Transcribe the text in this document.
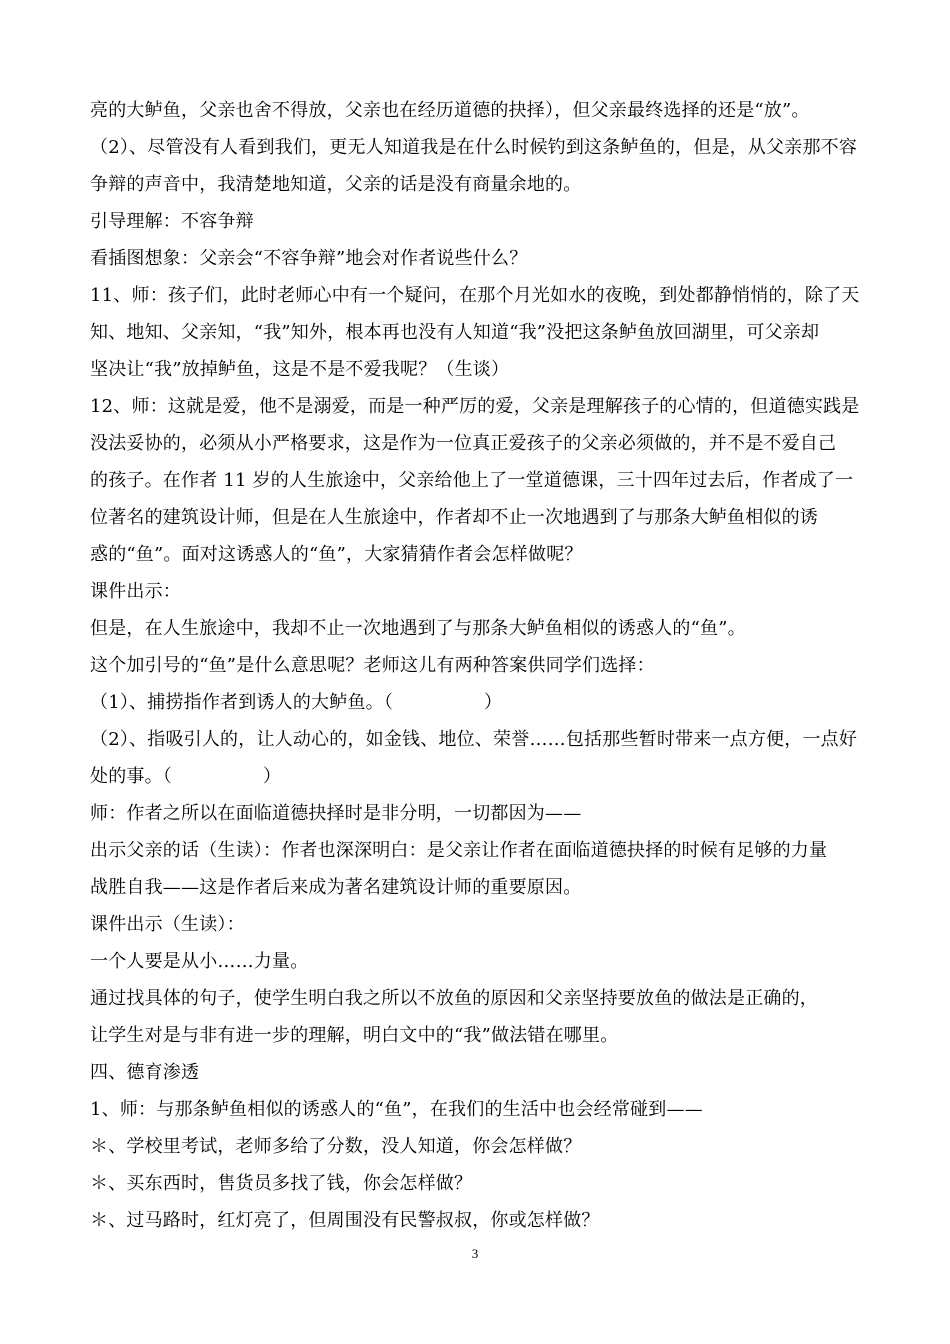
亮的大鲈鱼，父亲也舍不得放，父亲也在经历道德的抉择），但父亲最终选择的还是“放”。
（2）、尽管没有人看到我们，更无人知道我是在什么时候钓到这条鲈鱼的，但是，从父亲那不容
争辩的声音中，我清楚地知道，父亲的话是没有商量余地的。
引导理解：不容争辩
看插图想象：父亲会“不容争辩”地会对作者说些什么？
11、师：孩子们，此时老师心中有一个疑问，在那个月光如水的夜晚，到处都静悄悄的，除了天
知、地知、父亲知，“我”知外，根本再也没有人知道“我”没把这条鲈鱼放回湖里，可父亲却
坚决让“我”放掉鲈鱼，这是不是不爱我呢？（生谈）
12、师：这就是爱，他不是溺爱，而是一种严厉的爱，父亲是理解孩子的心情的，但道德实践是
没法妥协的，必须从小严格要求，这是作为一位真正爱孩子的父亲必须做的，并不是不爱自己
的孩子。在作者 11 岁的人生旅途中，父亲给他上了一堂道德课，三十四年过去后，作者成了一
位著名的建筑设计师，但是在人生旅途中，作者却不止一次地遇到了与那条大鲈鱼相似的诱
惑的“鱼”。面对这诱惑人的“鱼”，大家猜猜作者会怎样做呢？
课件出示：
但是，在人生旅途中，我却不止一次地遇到了与那条大鲈鱼相似的诱惑人的“鱼”。
这个加引号的“鱼”是什么意思呢？老师这儿有两种答案供同学们选择：
（1）、捕捞指作者到诱人的大鲈鱼。（　　　　　）
（2）、指吸引人的，让人动心的，如金钱、地位、荣誉……包括那些暂时带来一点方便，一点好
处的事。（　　　　　）
师：作者之所以在面临道德抉择时是非分明，一切都因为——
出示父亲的话（生读）：作者也深深明白：是父亲让作者在面临道德抉择的时候有足够的力量
战胜自我——这是作者后来成为著名建筑设计师的重要原因。
课件出示（生读）：
一个人要是从小……力量。
通过找具体的句子，使学生明白我之所以不放鱼的原因和父亲坚持要放鱼的做法是正确的，
让学生对是与非有进一步的理解，明白文中的“我”做法错在哪里。
四、德育渗透
1、师：与那条鲈鱼相似的诱惑人的“鱼”，在我们的生活中也会经常碰到——
＊、学校里考试，老师多给了分数，没人知道，你会怎样做？
＊、买东西时，售货员多找了钱，你会怎样做？
＊、过马路时，红灯亮了，但周围没有民警叔叔，你或怎样做？
3
